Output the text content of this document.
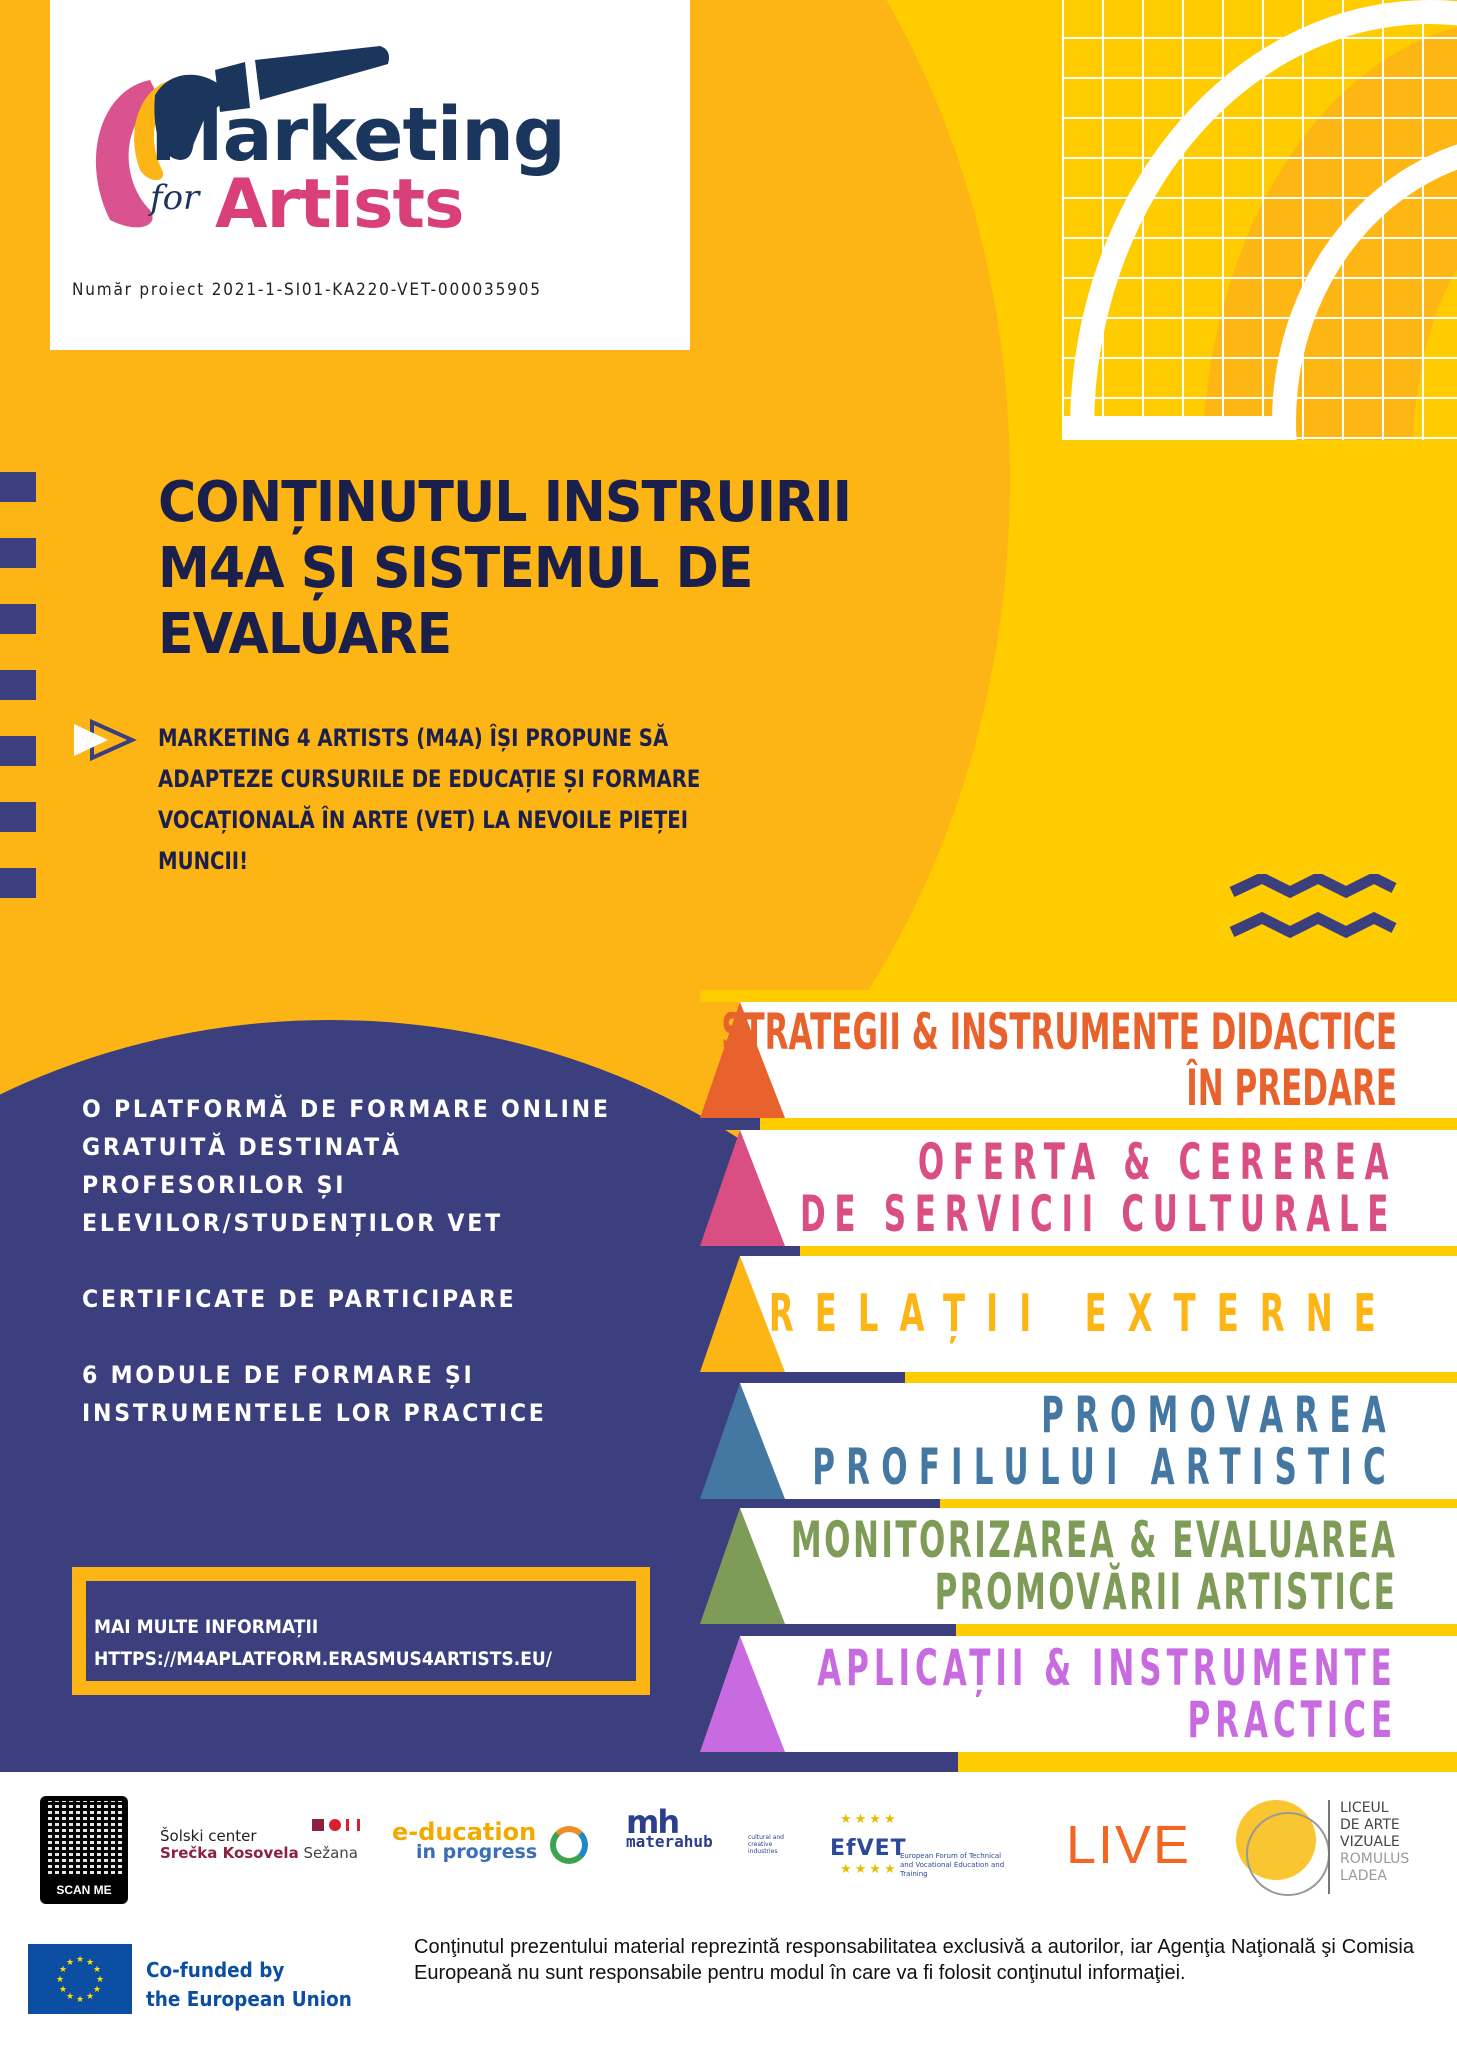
Marketing
for Artists
Număr proiect 2021-1-SI01-KA220-VET-000035905
CONȚINUTUL INSTRUIRII
M4A ȘI SISTEMUL DE
EVALUARE
MARKETING 4 ARTISTS (M4A) ÎȘI PROPUNE SĂ
ADAPTEZE CURSURILE DE EDUCAȚIE ȘI FORMARE
VOCAȚIONALĂ ÎN ARTE (VET) LA NEVOILE PIEȚEI
MUNCII!
O PLATFORMĂ DE FORMARE ONLINE
GRATUITĂ DESTINATĂ
PROFESORILOR ȘI
ELEVILOR/STUDENȚILOR VET
CERTIFICATE DE PARTICIPARE
6 MODULE DE FORMARE ȘI
INSTRUMENTELE LOR PRACTICE
MAI MULTE INFORMAȚII
HTTPS://M4APLATFORM.ERASMUS4ARTISTS.EU/
STRATEGII & INSTRUMENTE DIDACTICE
ÎN PREDARE
OFERTA & CEREREA
DE SERVICII CULTURALE
RELAȚII EXTERNE
PROMOVAREA
PROFILULUI ARTISTIC
MONITORIZAREA & EVALUAREA
PROMOVĂRII ARTISTICE
APLICAȚII & INSTRUMENTE
PRACTICE
SCAN ME
Šolski center
Srečka Kosovela Sežana

e-ducation
in progress
mh
materahub	cultural and creative industries
★★★★
EfVET
★★★★
European Forum of Technical and Vocational Education and Training	LIVE
LICEUL
DE ARTE
VIZUALE
ROMULUS
LADEA
★ ★
★
★
★
★
★
★
★
★
★
★	Co-funded by
the European Union

Conţinutul prezentului material reprezintă responsabilitatea exclusivă a autorilor, iar Agenţia Naţională şi Comisia Europeană nu sunt responsabile pentru modul în care va fi folosit conţinutul informaţiei.
